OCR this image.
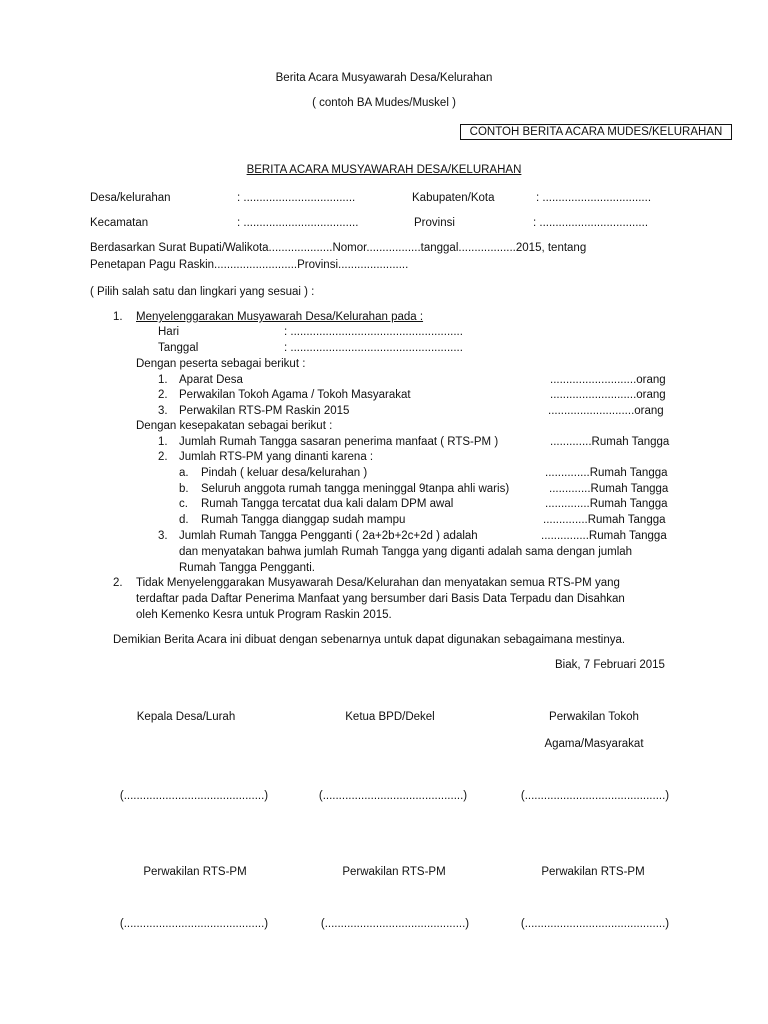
Berita Acara Musyawarah Desa/Kelurahan
( contoh BA Mudes/Muskel )
CONTOH BERITA ACARA MUDES/KELURAHAN
BERITA ACARA MUSYAWARAH DESA/KELURAHAN
Desa/kelurahan	: ...................................	Kabupaten/Kota	: ..................................
Kecamatan	: ....................................	Provinsi	: ..................................
Berdasarkan Surat Bupati/Walikota....................Nomor.................tanggal..................2015, tentang
Penetapan Pagu Raskin..........................Provinsi......................
( Pilih salah satu dan lingkari yang sesuai ) :
1. Menyelenggarakan Musyawarah Desa/Kelurahan pada :
Hari	: ......................................................
Tanggal	: ......................................................
Dengan peserta sebagai berikut :
1. Aparat Desa	...........................orang
2. Perwakilan Tokoh Agama / Tokoh Masyarakat	...........................orang
3. Perwakilan RTS-PM Raskin 2015	...........................orang
Dengan kesepakatan sebagai berikut :
1. Jumlah Rumah Tangga sasaran penerima manfaat ( RTS-PM )	.............Rumah Tangga
2. Jumlah RTS-PM yang dinanti karena :
a. Pindah ( keluar desa/kelurahan )	..............Rumah Tangga
b. Seluruh anggota rumah tangga meninggal 9tanpa ahli waris)	.............Rumah Tangga
c. Rumah Tangga tercatat dua kali dalam DPM awal	..............Rumah Tangga
d. Rumah Tangga dianggap sudah mampu	..............Rumah Tangga
3. Jumlah Rumah Tangga Pengganti ( 2a+2b+2c+2d ) adalah	...............Rumah Tangga
dan menyatakan bahwa jumlah Rumah Tangga yang diganti adalah sama dengan jumlah
Rumah Tangga Pengganti.
2. Tidak Menyelenggarakan Musyawarah Desa/Kelurahan dan menyatakan semua RTS-PM yang
terdaftar pada Daftar Penerima Manfaat yang bersumber dari Basis Data Terpadu dan Disahkan
oleh Kemenko Kesra untuk Program Raskin 2015.
Demikian Berita Acara ini dibuat dengan sebenarnya untuk dapat digunakan sebagaimana mestinya.
Biak, 7 Februari 2015
Kepala Desa/Lurah	Ketua BPD/Dekel	Perwakilan Tokoh
Agama/Masyarakat
(............................................)	(............................................)	(............................................)
Perwakilan RTS-PM	Perwakilan RTS-PM	Perwakilan RTS-PM
(............................................)	(............................................)	(............................................)
